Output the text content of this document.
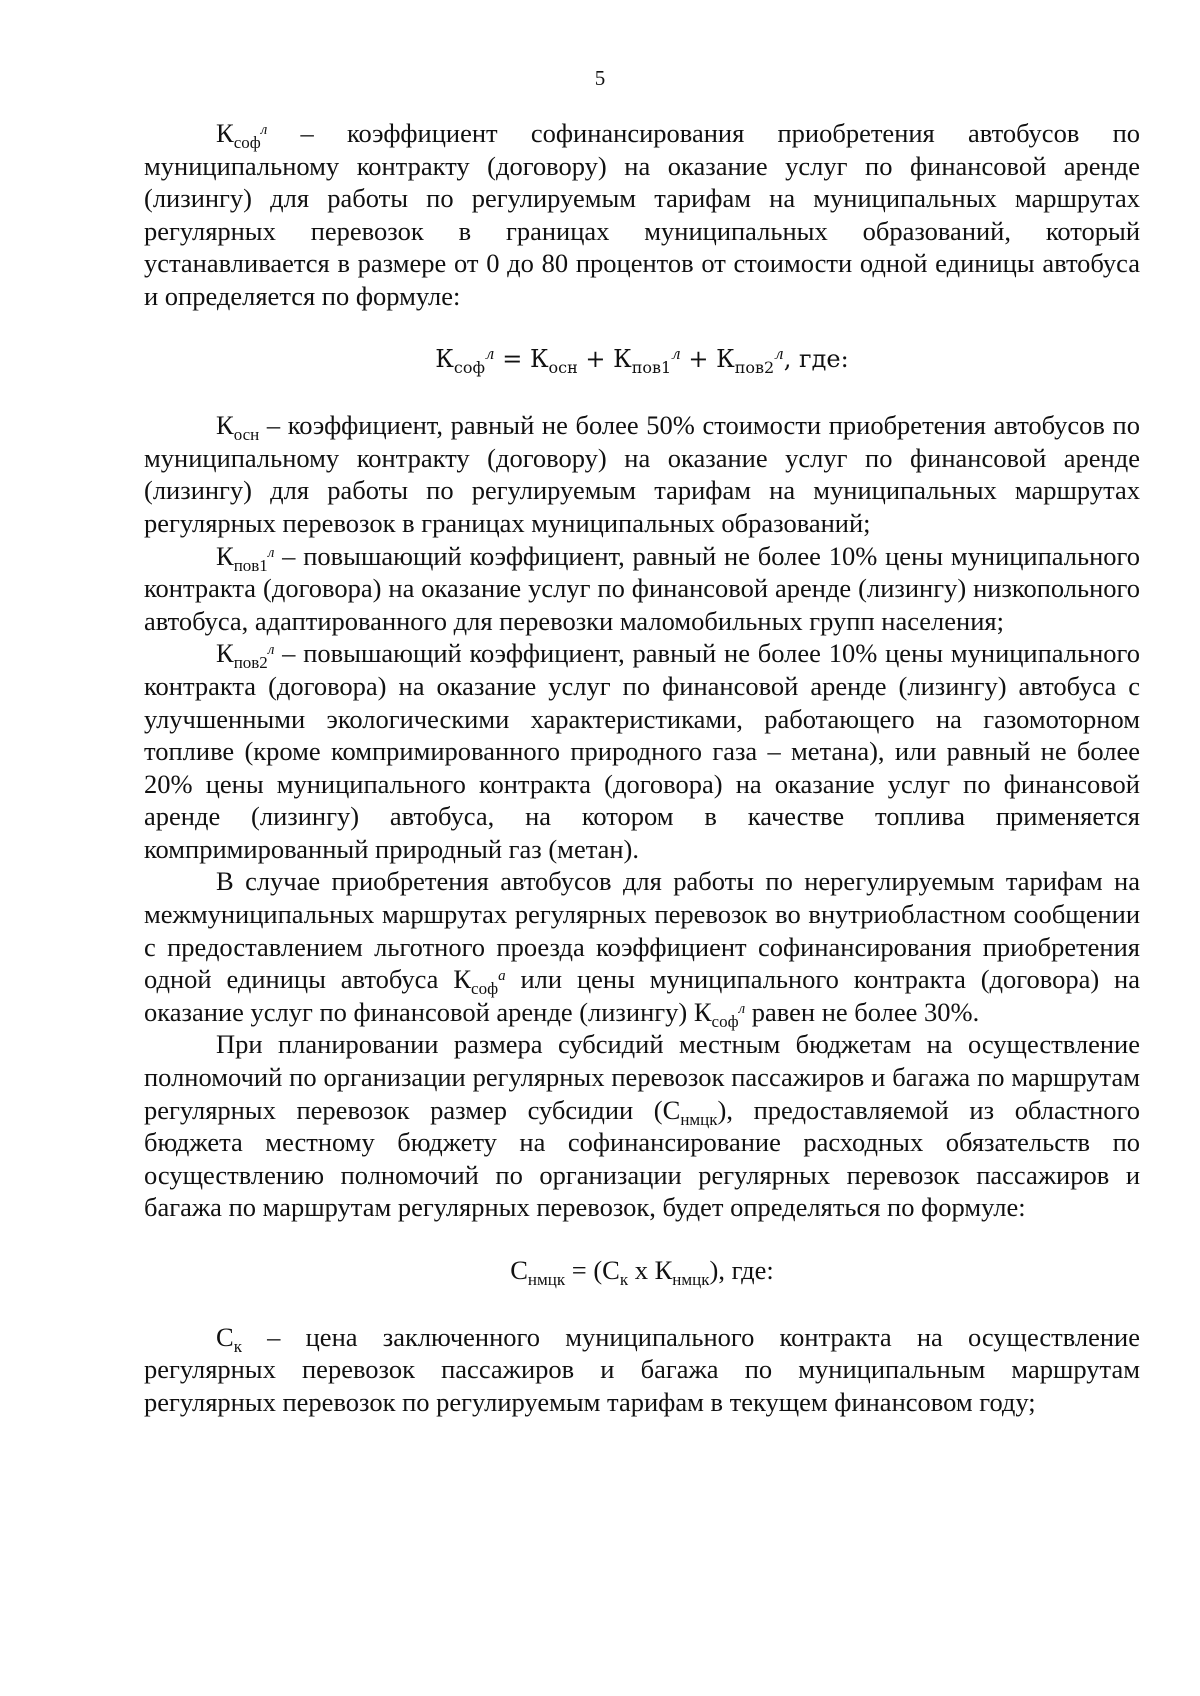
5

$К_{соф}^л$ – коэффициент софинансирования приобретения автобусов по муниципальному контракту (договору) на оказание услуг по финансовой аренде (лизингу) для работы по регулируемым тарифам на муниципальных маршрутах регулярных перевозок в границах муниципальных образований, который устанавливается в размере от 0 до 80 процентов от стоимости одной единицы автобуса и определяется по формуле:

$К_{соф}^л = К_{осн} + К_{пов1}^л + К_{пов2}^л$, где:

$К_{осн}$ – коэффициент, равный не более 50% стоимости приобретения автобусов по муниципальному контракту (договору) на оказание услуг по финансовой аренде (лизингу) для работы по регулируемым тарифам на муниципальных маршрутах регулярных перевозок в границах муниципальных образований;

$К_{пов1}^л$ – повышающий коэффициент, равный не более 10% цены муниципального контракта (договора) на оказание услуг по финансовой аренде (лизингу) низкопольного автобуса, адаптированного для перевозки маломобильных групп населения;

$К_{пов2}^л$ – повышающий коэффициент, равный не более 10% цены муниципального контракта (договора) на оказание услуг по финансовой аренде (лизингу) автобуса с улучшенными экологическими характеристиками, работающего на газомоторном топливе (кроме компримированного природного газа – метана), или равный не более 20% цены муниципального контракта (договора) на оказание услуг по финансовой аренде (лизингу) автобуса, на котором в качестве топлива применяется компримированный природный газ (метан).

В случае приобретения автобусов для работы по нерегулируемым тарифам на межмуниципальных маршрутах регулярных перевозок во внутриобластном сообщении с предоставлением льготного проезда коэффициент софинансирования приобретения одной единицы автобуса $К_{соф}^а$ или цены муниципального контракта (договора) на оказание услуг по финансовой аренде (лизингу) $К_{соф}^л$ равен не более 30%.

При планировании размера субсидий местным бюджетам на осуществление полномочий по организации регулярных перевозок пассажиров и багажа по маршрутам регулярных перевозок размер субсидии $(С_{нмцк})$, предоставляемой из областного бюджета местному бюджету на софинансирование расходных обязательств по осуществлению полномочий по организации регулярных перевозок пассажиров и багажа по маршрутам регулярных перевозок, будет определяться по формуле:

$С_{нмцк} = (С_к$ х $К_{нмцк}$), где:

$С_к$ – цена заключенного муниципального контракта на осуществление регулярных перевозок пассажиров и багажа по муниципальным маршрутам регулярных перевозок по регулируемым тарифам в текущем финансовом году;
